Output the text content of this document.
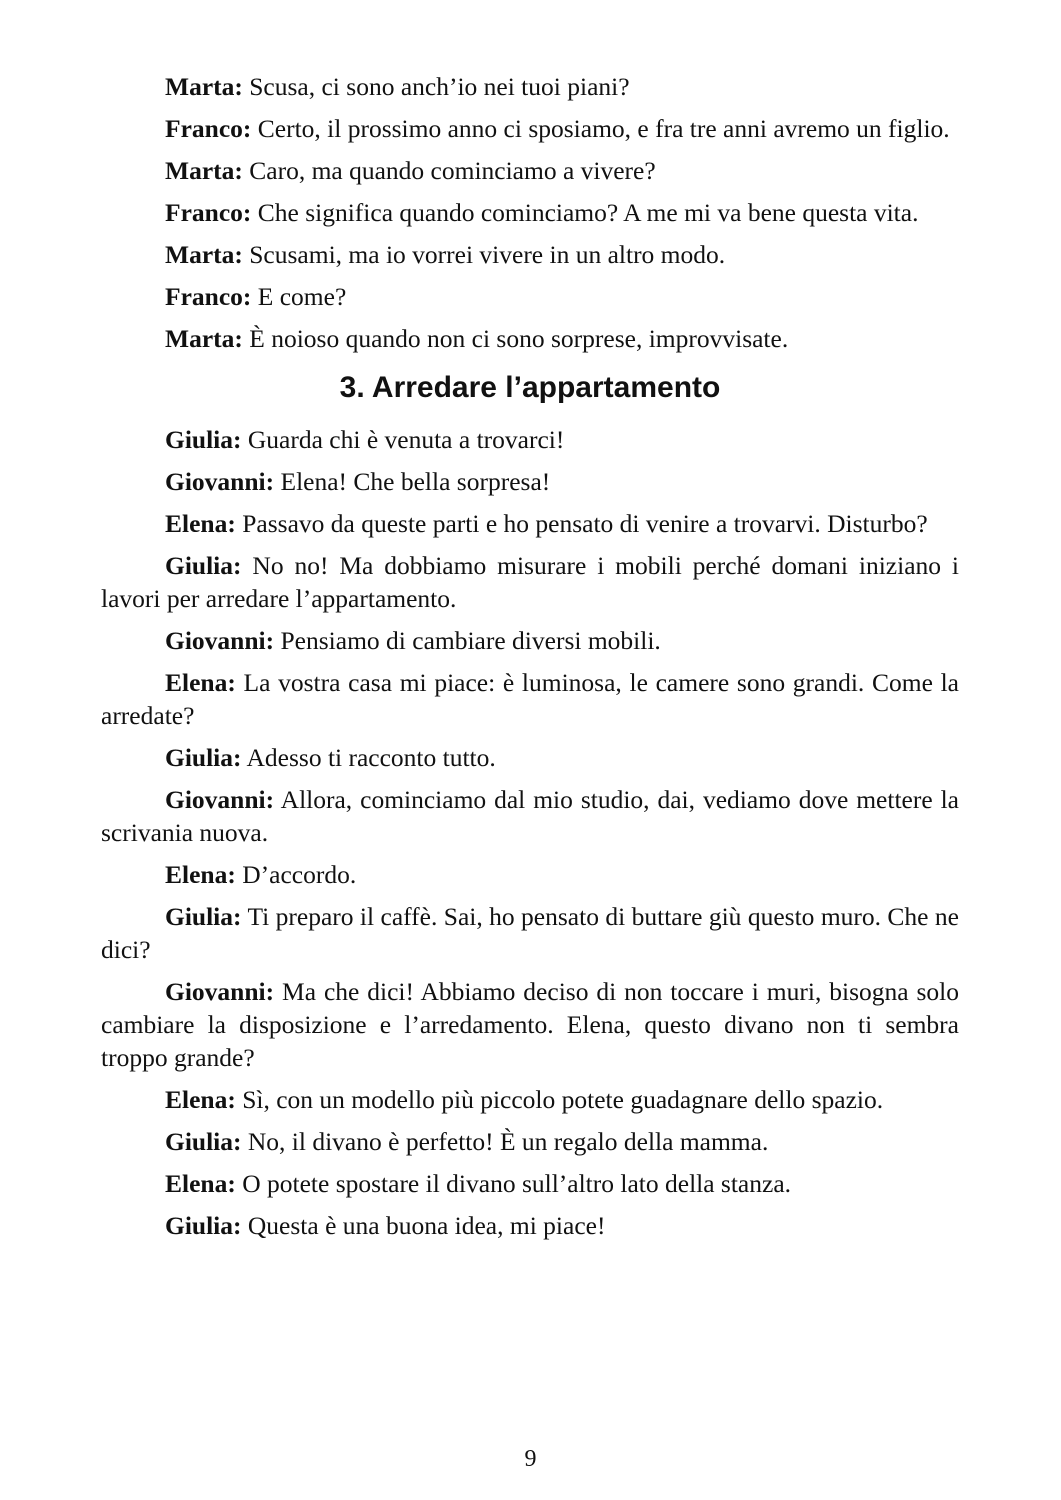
Marta: Scusa, ci sono anch’io nei tuoi piani?

Franco: Certo, il prossimo anno ci sposiamo, e fra tre anni avremo un figlio.

Marta: Caro, ma quando cominciamo a vivere?

Franco: Che significa quando cominciamo? A me mi va bene questa vita.

Marta: Scusami, ma io vorrei vivere in un altro modo.

Franco: E come?

Marta: È noioso quando non ci sono sorprese, improvvisate.

3. Arredare l’appartamento

Giulia: Guarda chi è venuta a trovarci!

Giovanni: Elena! Che bella sorpresa!

Elena: Passavo da queste parti e ho pensato di venire a trovarvi. Disturbo?

Giulia: No no! Ma dobbiamo misurare i mobili perché domani iniziano i lavori per arredare l’appartamento.

Giovanni: Pensiamo di cambiare diversi mobili.

Elena: La vostra casa mi piace: è luminosa, le camere sono grandi. Come la arredate?

Giulia: Adesso ti racconto tutto.

Giovanni: Allora, cominciamo dal mio studio, dai, vediamo dove mettere la scrivania nuova.

Elena: D’accordo.

Giulia: Ti preparo il caffè. Sai, ho pensato di buttare giù questo muro. Che ne dici?

Giovanni: Ma che dici! Abbiamo deciso di non toccare i muri, bisogna solo cambiare la disposizione e l’arredamento. Elena, questo divano non ti sembra troppo grande?

Elena: Sì, con un modello più piccolo potete guadagnare dello spazio.

Giulia: No, il divano è perfetto! È un regalo della mamma.

Elena: O potete spostare il divano sull’altro lato della stanza.

Giulia: Questa è una buona idea, mi piace!

9
